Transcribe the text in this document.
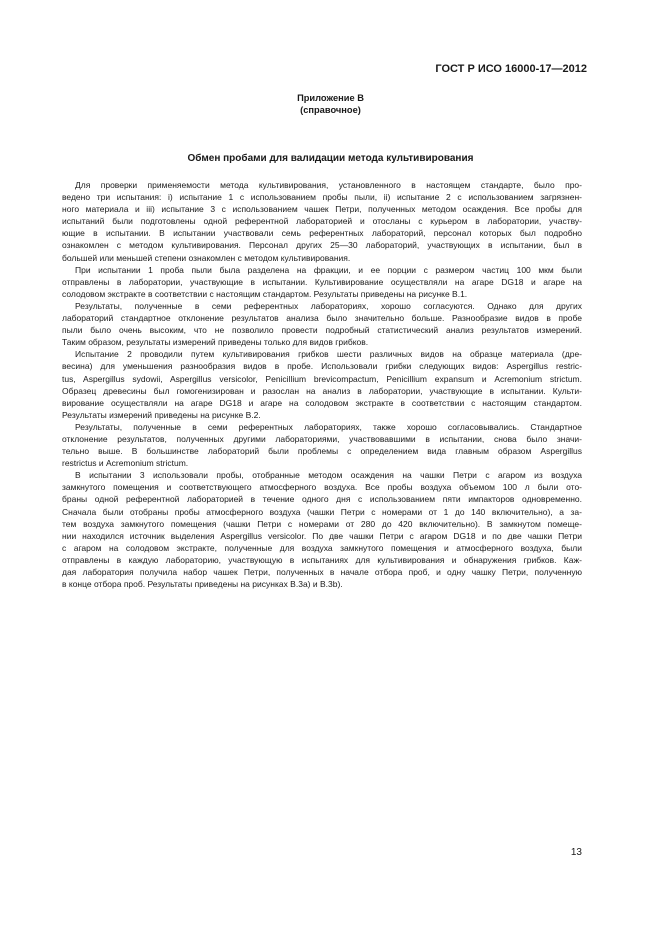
ГОСТ Р ИСО 16000-17—2012
Приложение В
(справочное)
Обмен пробами для валидации метода культивирования
Для проверки применяемости метода культивирования, установленного в настоящем стандарте, было про-
ведено три испытания: i) испытание 1 с использованием пробы пыли, ii) испытание 2 с использованием загрязнен-
ного материала и iii) испытание 3 с использованием чашек Петри, полученных методом осаждения. Все пробы для
испытаний были подготовлены одной референтной лабораторией и отосланы с курьером в лаборатории, участву-
ющие в испытании. В испытании участвовали семь референтных лабораторий, персонал которых был подробно
ознакомлен с методом культивирования. Персонал других 25—30 лабораторий, участвующих в испытании, был в
большей или меньшей степени ознакомлен с методом культивирования.
При испытании 1 проба пыли была разделена на фракции, и ее порции с размером частиц 100 мкм были
отправлены в лаборатории, участвующие в испытании. Культивирование осуществляли на агаре DG18 и агаре на
солодовом экстракте в соответствии с настоящим стандартом. Результаты приведены на рисунке В.1.
Результаты, полученные в семи референтных лабораториях, хорошо согласуются. Однако для других
лабораторий стандартное отклонение результатов анализа было значительно больше. Разнообразие видов в пробе
пыли было очень высоким, что не позволило провести подробный статистический анализ результатов измерений.
Таким образом, результаты измерений приведены только для видов грибков.
Испытание 2 проводили путем культивирования грибков шести различных видов на образце материала (дре-
весина) для уменьшения разнообразия видов в пробе. Использовали грибки следующих видов: Aspergillus restric-
tus, Aspergillus sydowii, Aspergillus versicolor, Penicillium brevicompactum, Penicillium expansum и Acremonium strictum.
Образец древесины был гомогенизирован и разослан на анализ в лаборатории, участвующие в испытании. Культи-
вирование осуществляли на агаре DG18 и агаре на солодовом экстракте в соответствии с настоящим стандартом.
Результаты измерений приведены на рисунке В.2.
Результаты, полученные в семи референтных лабораториях, также хорошо согласовывались. Стандартное
отклонение результатов, полученных другими лабораториями, участвовавшими в испытании, снова было значи-
тельно выше. В большинстве лабораторий были проблемы с определением вида главным образом Aspergillus
restrictus и Acremonium strictum.
В испытании 3 использовали пробы, отобранные методом осаждения на чашки Петри с агаром из воздуха
замкнутого помещения и соответствующего атмосферного воздуха. Все пробы воздуха объемом 100 л были ото-
браны одной референтной лабораторией в течение одного дня с использованием пяти импакторов одновременно.
Сначала были отобраны пробы атмосферного воздуха (чашки Петри с номерами от 1 до 140 включительно), а за-
тем воздуха замкнутого помещения (чашки Петри с номерами от 280 до 420 включительно). В замкнутом помеще-
нии находился источник выделения Aspergillus versicolor. По две чашки Петри с агаром DG18 и по две чашки Петри
с агаром на солодовом экстракте, полученные для воздуха замкнутого помещения и атмосферного воздуха, были
отправлены в каждую лабораторию, участвующую в испытаниях для культивирования и обнаружения грибков. Каж-
дая лаборатория получила набор чашек Петри, полученных в начале отбора проб, и одну чашку Петри, полученную
в конце отбора проб. Результаты приведены на рисунках В.3а) и В.3b).
13
